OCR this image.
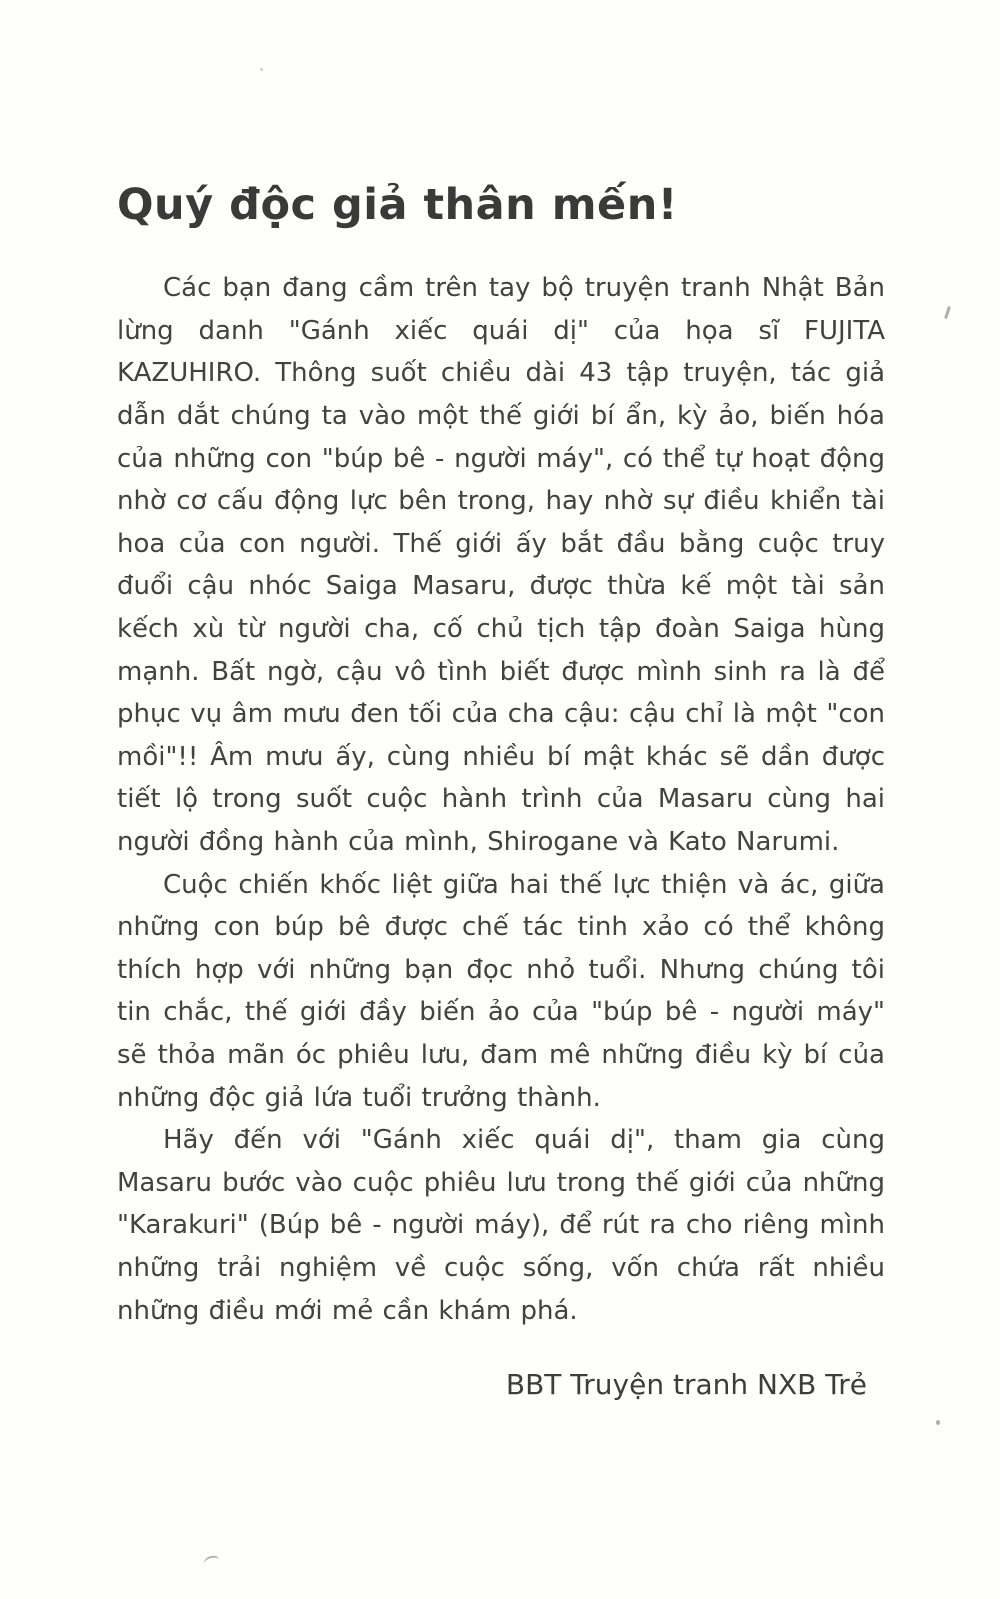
Quý độc giả thân mến!

Các bạn đang cầm trên tay bộ truyện tranh Nhật Bản lừng danh "Gánh xiếc quái dị" của họa sĩ FUJITA KAZUHIRO. Thông suốt chiều dài 43 tập truyện, tác giả dẫn dắt chúng ta vào một thế giới bí ẩn, kỳ ảo, biến hóa của những con "búp bê - người máy", có thể tự hoạt động nhờ cơ cấu động lực bên trong, hay nhờ sự điều khiển tài hoa của con người. Thế giới ấy bắt đầu bằng cuộc truy đuổi cậu nhóc Saiga Masaru, được thừa kế một tài sản kếch xù từ người cha, cố chủ tịch tập đoàn Saiga hùng mạnh. Bất ngờ, cậu vô tình biết được mình sinh ra là để phục vụ âm mưu đen tối của cha cậu: cậu chỉ là một "con mồi"!! Âm mưu ấy, cùng nhiều bí mật khác sẽ dần được tiết lộ trong suốt cuộc hành trình của Masaru cùng hai người đồng hành của mình, Shirogane và Kato Narumi.

Cuộc chiến khốc liệt giữa hai thế lực thiện và ác, giữa những con búp bê được chế tác tinh xảo có thể không thích hợp với những bạn đọc nhỏ tuổi. Nhưng chúng tôi tin chắc, thế giới đầy biến ảo của "búp bê - người máy" sẽ thỏa mãn óc phiêu lưu, đam mê những điều kỳ bí của những độc giả lứa tuổi trưởng thành.

Hãy đến với "Gánh xiếc quái dị", tham gia cùng Masaru bước vào cuộc phiêu lưu trong thế giới của những "Karakuri" (Búp bê - người máy), để rút ra cho riêng mình những trải nghiệm về cuộc sống, vốn chứa rất nhiều những điều mới mẻ cần khám phá.

BBT Truyện tranh NXB Trẻ
